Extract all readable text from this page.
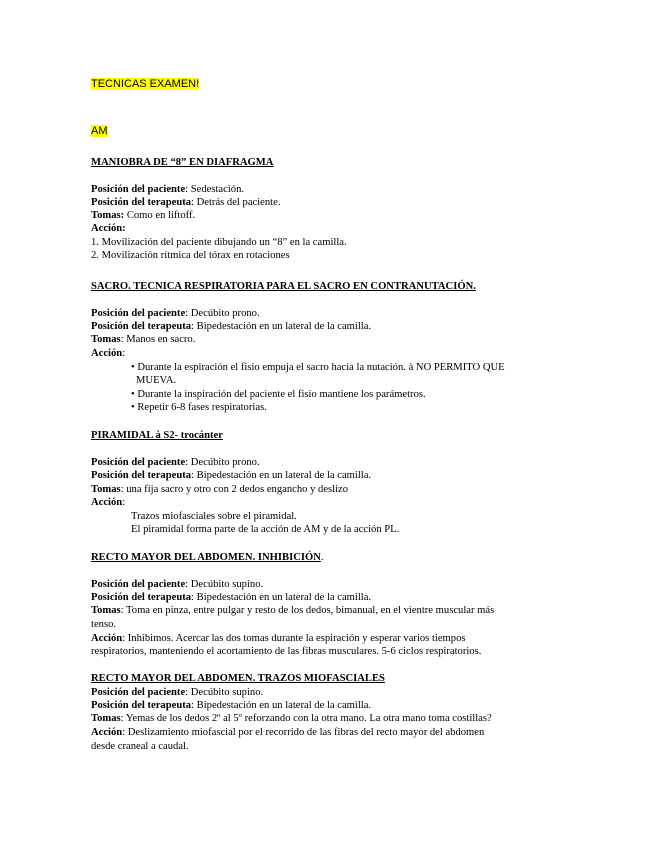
TECNICAS EXAMEN!
AM
MANIOBRA DE “8” EN DIAFRAGMA
Posición del paciente: Sedestación.
Posición del terapeuta: Detrás del paciente.
Tomas: Como en liftoff.
Acción:
1. Movilización del paciente dibujando un “8” en la camilla.
2. Movilización rítmica del tórax en rotaciones
SACRO. TECNICA RESPIRATORIA PARA EL SACRO EN CONTRANUTACIÓN.
Posición del paciente: Decúbito prono.
Posición del terapeuta: Bipedestación en un lateral de la camilla.
Tomas: Manos en sacro.
Acción:
• Durante la espiración el fisio empuja el sacro hacia la nutación. à NO PERMITO QUE
MUEVA.
• Durante la inspiración del paciente el fisio mantiene los parámetros.
• Repetir 6-8 fases respiratorias.
PIRAMIDAL à S2- trocánter
Posición del paciente: Decúbito prono.
Posición del terapeuta: Bipedestación en un lateral de la camilla.
Tomas: una fija sacro y otro con 2 dedos engancho y deslizo
Acción:
Trazos miofasciales sobre el piramidal.
El piramidal forma parte de la acción de AM y de la acción PL.
RECTO MAYOR DEL ABDOMEN. INHIBICIÓN.
Posición del paciente: Decúbito supino.
Posición del terapeuta: Bipedestación en un lateral de la camilla.
Tomas: Toma en pinza, entre pulgar y resto de los dedos, bimanual, en el vientre muscular más
tenso.
Acción: Inhibimos. Acercar las dos tomas durante la espiración y esperar varios tiempos
respiratorios, manteniendo el acortamiento de las fibras musculares. 5-6 ciclos respiratorios.
RECTO MAYOR DEL ABDOMEN. TRAZOS MIOFASCIALES
Posición del paciente: Decúbito supino.
Posición del terapeuta: Bipedestación en un lateral de la camilla.
Tomas: Yemas de los dedos 2º al 5º reforzando con la otra mano. La otra mano toma costillas?
Acción: Deslizamiento miofascial por el recorrido de las fibras del recto mayor del abdomen
desde craneal a caudal.
